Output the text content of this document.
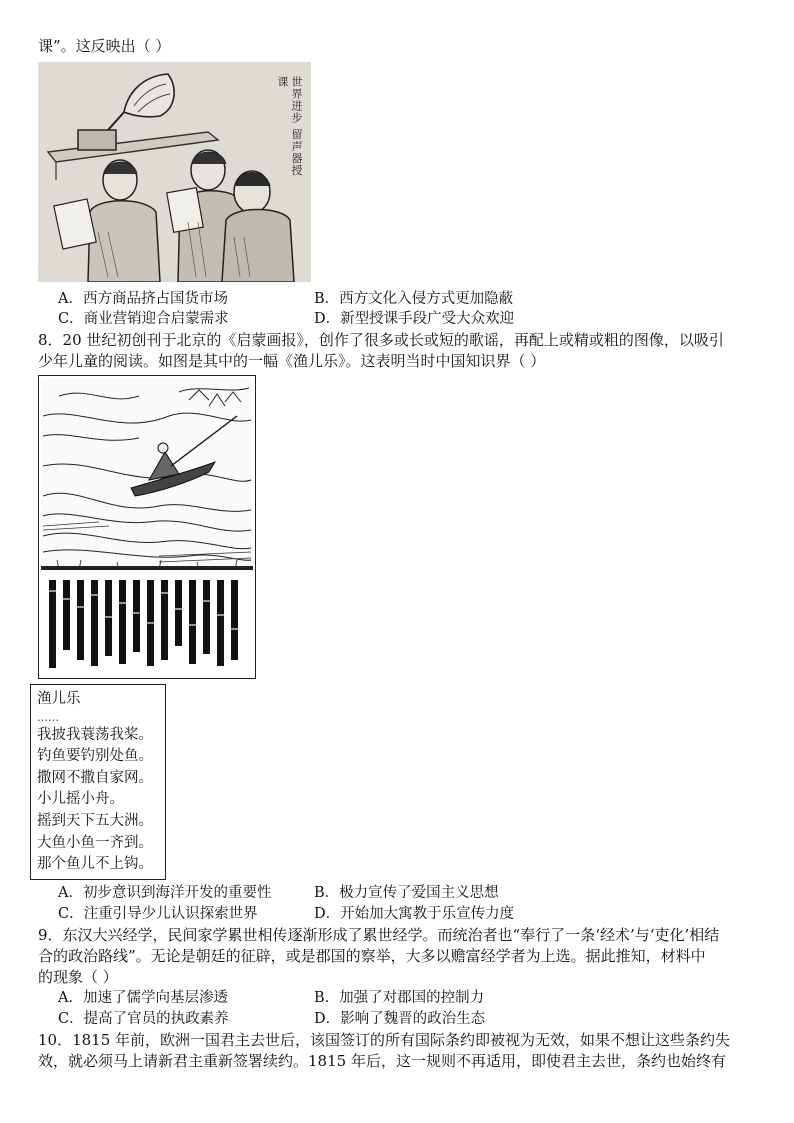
课”。这反映出（ ）
世界进步 留声器授课
A．西方商品挤占国货市场	B．西方文化入侵方式更加隐蔽
C．商业营销迎合启蒙需求	D．新型授课手段广受大众欢迎
8．20 世纪初创刊于北京的《启蒙画报》，创作了很多或长或短的歌谣，再配上或精或粗的图像，以吸引
少年儿童的阅读。如图是其中的一幅《渔儿乐》。这表明当时中国知识界（ ）
渔儿乐
……
我披我蓑荡我桨。
钓鱼要钓别处鱼。
撒网不撒自家网。
小儿摇小舟。
摇到天下五大洲。
大鱼小鱼一齐到。
那个鱼儿不上钩。
A．初步意识到海洋开发的重要性	B．极力宣传了爱国主义思想
C．注重引导少儿认识探索世界	D．开始加大寓教于乐宣传力度
9．东汉大兴经学，民间家学累世相传逐渐形成了累世经学。而统治者也“奉行了一条‘经术’与‘吏化’相结
合的政治路线”。无论是朝廷的征辟，或是郡国的察举，大多以赡富经学者为上选。据此推知，材料中
的现象（ ）
A．加速了儒学向基层渗透	B．加强了对郡国的控制力
C．提高了官员的执政素养	D．影响了魏晋的政治生态
10．1815 年前，欧洲一国君主去世后，该国签订的所有国际条约即被视为无效，如果不想让这些条约失
效，就必须马上请新君主重新签署续约。1815 年后，这一规则不再适用，即使君主去世，条约也始终有
